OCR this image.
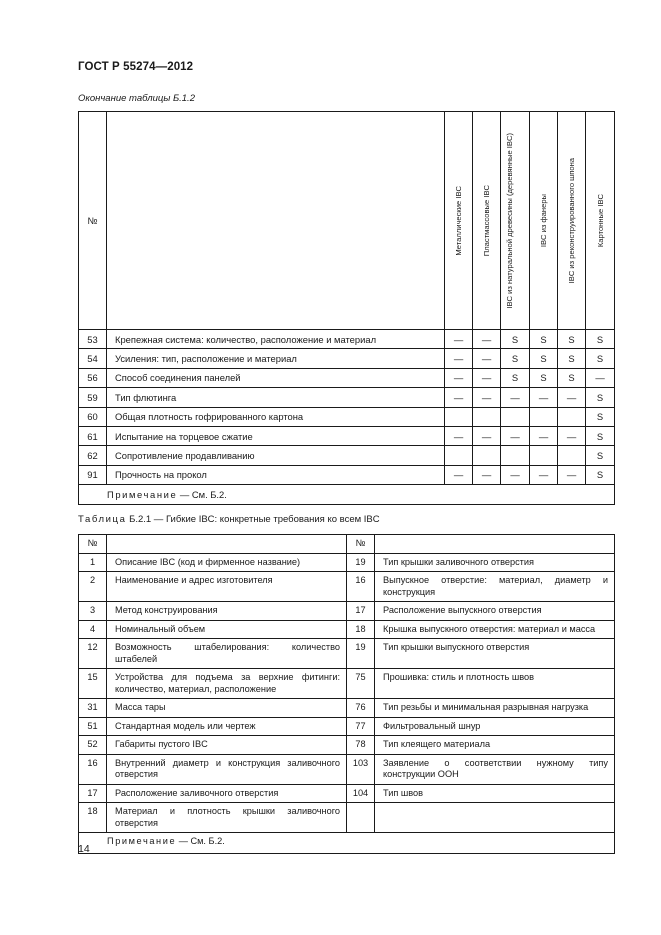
ГОСТ Р 55274—2012
Окончание таблицы Б.1.2
№		Металлические IBC	Пластмассовые IBC	IBC из натуральной древесины (деревянные IBC)	IBC из фанеры	IBC из реконструированного шпона	Картонные IBC

53	Крепежная система: количество, расположение и материал	—	—	S	S	S	S
54	Усиления: тип, расположение и материал	—	—	S	S	S	S
56	Способ соединения панелей	—	—	S	S	S	—
59	Тип флютинга	—	—	—	—	—	S
60	Общая плотность гофрированного картона						S
61	Испытание на торцевое сжатие	—	—	—	—	—	S
62	Сопротивление продавливанию						S
91	Прочность на прокол	—	—	—	—	—	S
Примечание — См. Б.2.							
Таблица Б.2.1 — Гибкие IBC: конкретные требования ко всем IBC
№		№	
1	Описание IBC (код и фирменное название)	19	Тип крышки заливочного отверстия
2	Наименование и адрес изготовителя	16	Выпускное отверстие: материал, диаметр и конструкция
3	Метод конструирования	17	Расположение выпускного отверстия
4	Номинальный объем	18	Крышка выпускного отверстия: материал и масса
12	Возможность штабелирования: количество штабелей	19	Тип крышки выпускного отверстия
15	Устройства для подъема за верхние фитинги: количество, материал, расположение	75	Прошивка: стиль и плотность швов
31	Масса тары	76	Тип резьбы и минимальная разрывная нагрузка
51	Стандартная модель или чертеж	77	Фильтровальный шнур
52	Габариты пустого IBC	78	Тип клеящего материала
16	Внутренний диаметр и конструкция заливочного отверстия	103	Заявление о соответствии нужному типу конструкции ООН
17	Расположение заливочного отверстия	104	Тип швов
18	Материал и плотность крышки заливочного отверстия		
Примечание — См. Б.2.			
14
